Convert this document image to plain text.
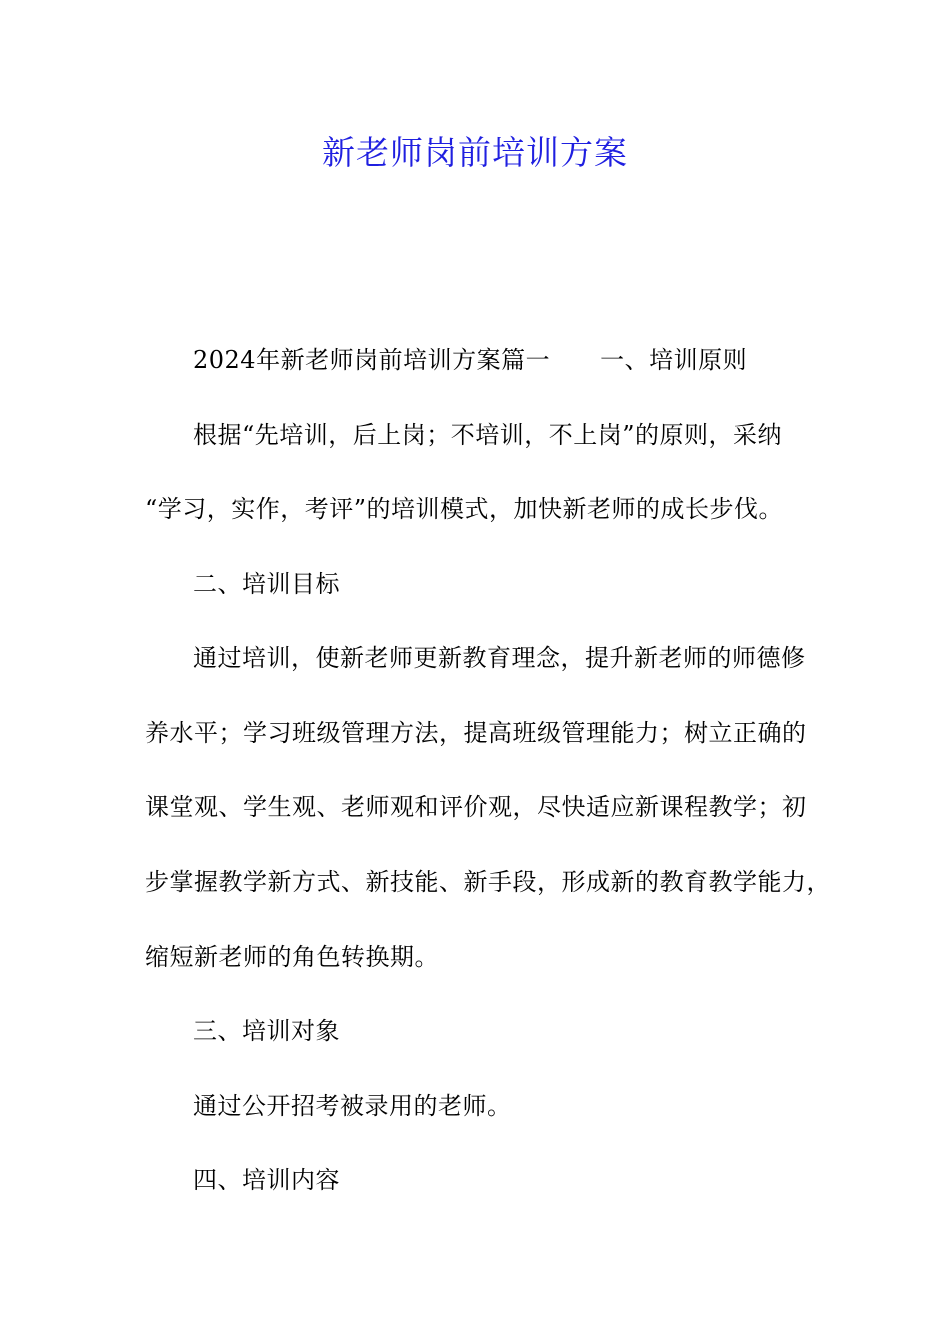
新老师岗前培训方案

2024年新老师岗前培训方案篇一 一、培训原则

根据“先培训，后上岗；不培训，不上岗”的原则，采纳

“学习，实作，考评”的培训模式，加快新老师的成长步伐。

二、培训目标

通过培训，使新老师更新教育理念，提升新老师的师德修

养水平；学习班级管理方法，提高班级管理能力；树立正确的

课堂观、学生观、老师观和评价观，尽快适应新课程教学；初

步掌握教学新方式、新技能、新手段，形成新的教育教学能力，

缩短新老师的角色转换期。

三、培训对象

通过公开招考被录用的老师。

四、培训内容
